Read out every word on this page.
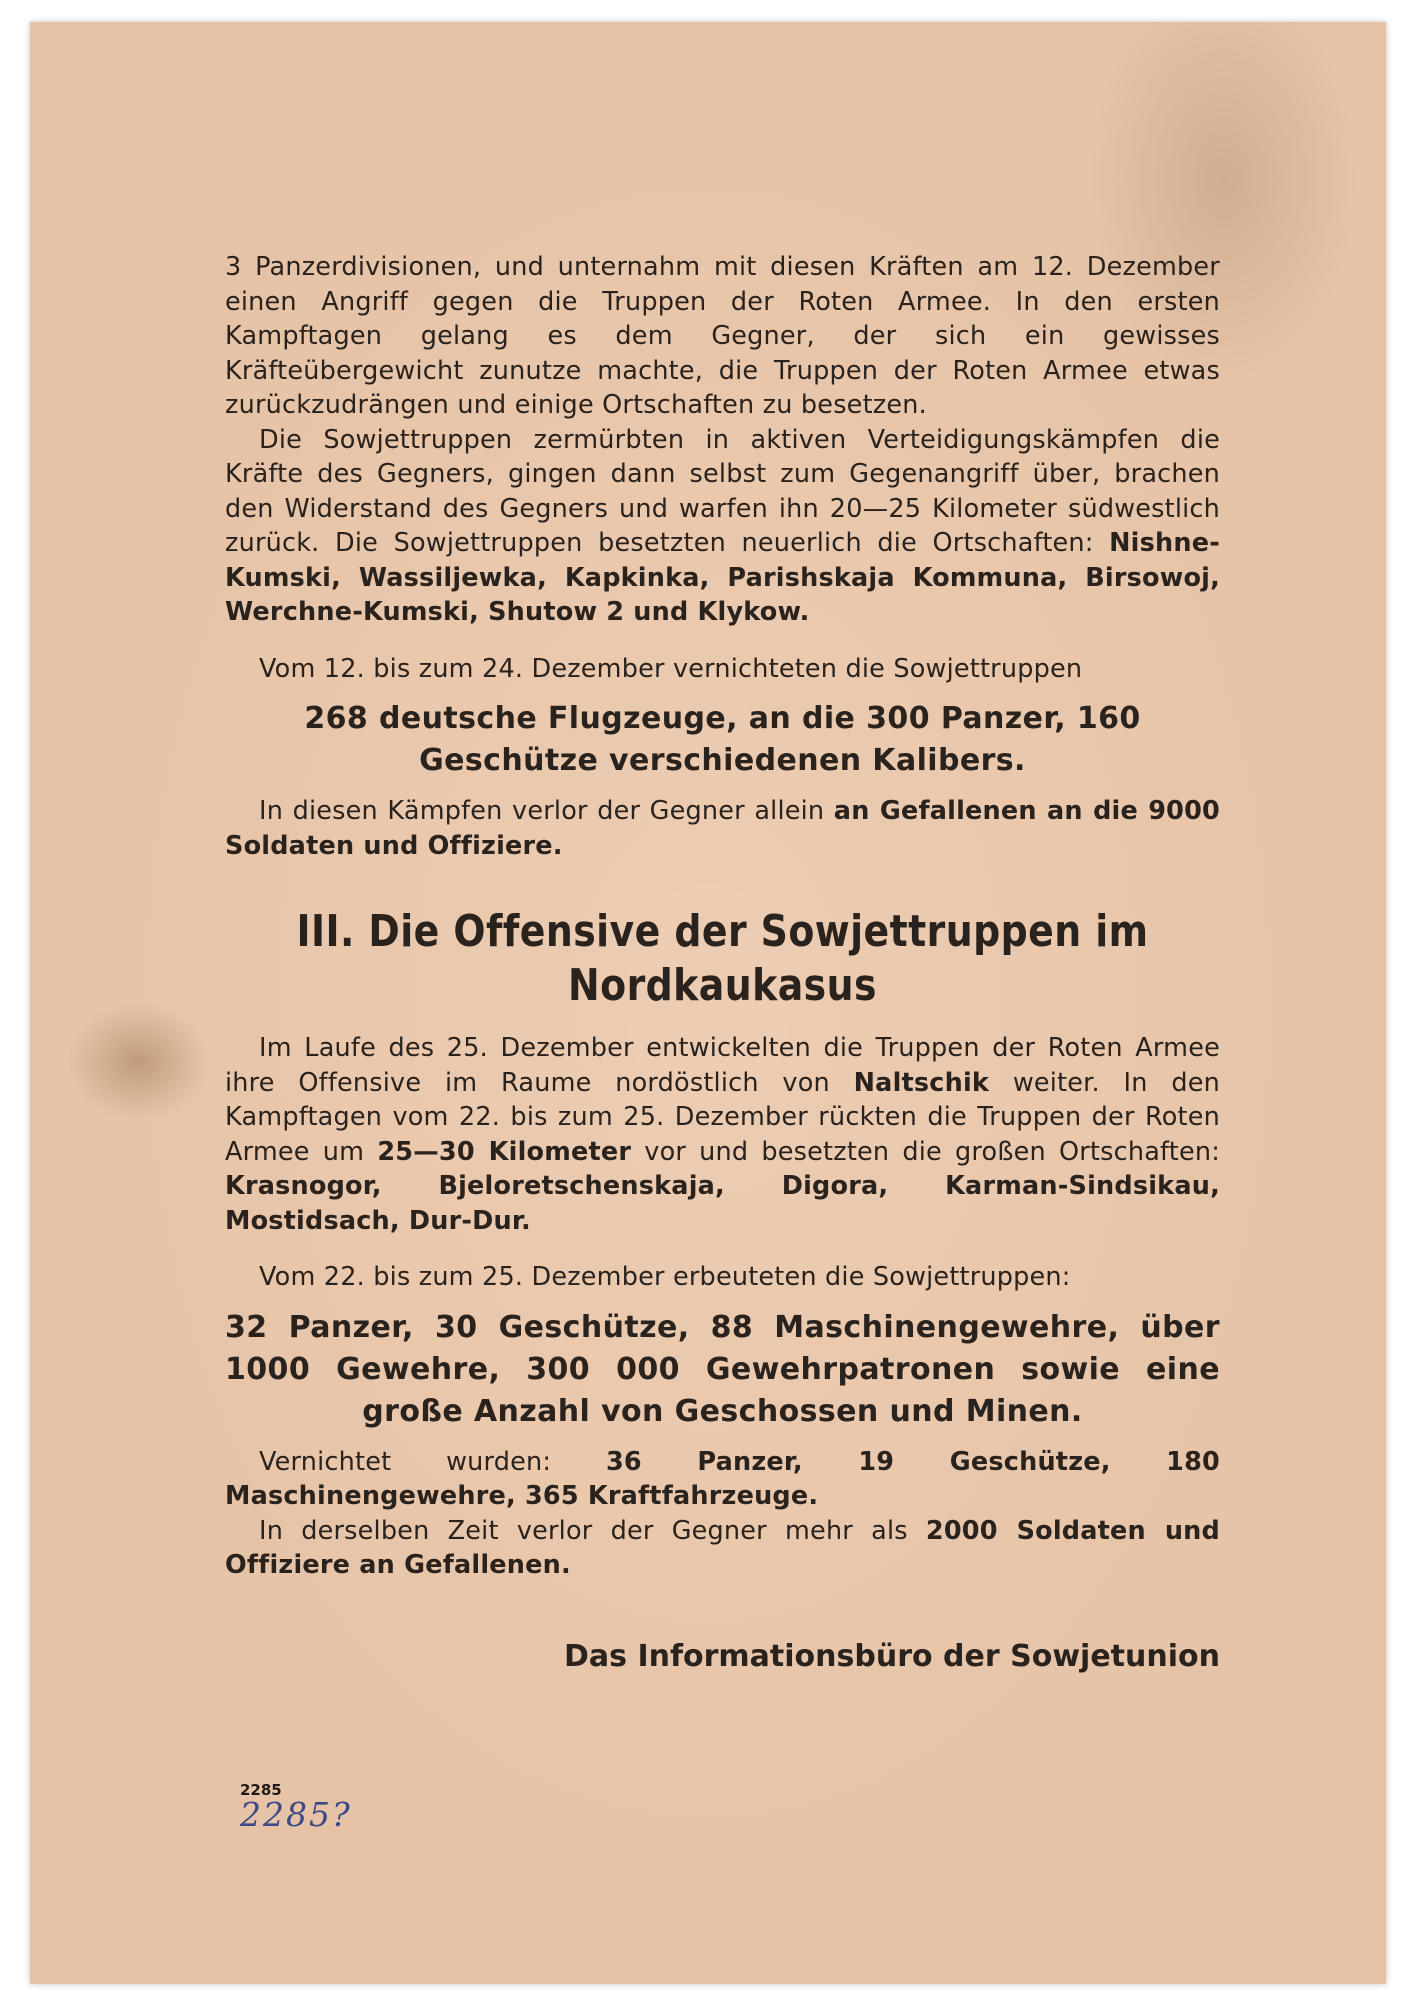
3 Panzerdivisionen, und unternahm mit diesen Kräften am 12. Dezember einen Angriff gegen die Truppen der Roten Armee. In den ersten Kampftagen gelang es dem Gegner, der sich ein gewisses Kräfteübergewicht zunutze machte, die Truppen der Roten Armee etwas zurückzudrängen und einige Ortschaften zu besetzen.

Die Sowjettruppen zermürbten in aktiven Verteidigungskämpfen die Kräfte des Gegners, gingen dann selbst zum Gegenangriff über, brachen den Widerstand des Gegners und warfen ihn 20—25 Kilometer südwestlich zurück. Die Sowjettruppen besetzten neuerlich die Ortschaften: Nishne-Kumski, Wassiljewka, Kapkinka, Parishskaja Kommuna, Birsowoj, Werchne-Kumski, Shutow 2 und Klykow.

Vom 12. bis zum 24. Dezember vernichteten die Sowjettruppen

268 deutsche Flugzeuge, an die 300 Panzer, 160 Geschütze verschiedenen Kalibers.

In diesen Kämpfen verlor der Gegner allein an Gefallenen an die 9000 Soldaten und Offiziere.

III. Die Offensive der Sowjettruppen im Nordkaukasus

Im Laufe des 25. Dezember entwickelten die Truppen der Roten Armee ihre Offensive im Raume nordöstlich von Naltschik weiter. In den Kampftagen vom 22. bis zum 25. Dezember rückten die Truppen der Roten Armee um 25—30 Kilometer vor und besetzten die großen Ortschaften: Krasnogor, Bjeloretschenskaja, Digora, Karman-Sindsikau, Mostidsach, Dur-Dur.

Vom 22. bis zum 25. Dezember erbeuteten die Sowjettruppen:

32 Panzer, 30 Geschütze, 88 Maschinengewehre, über 1000 Gewehre, 300 000 Gewehrpatronen sowie eine große Anzahl von Geschossen und Minen.

Vernichtet wurden: 36 Panzer, 19 Geschütze, 180 Maschinengewehre, 365 Kraftfahrzeuge.

In derselben Zeit verlor der Gegner mehr als 2000 Soldaten und Offiziere an Gefallenen.

Das Informationsbüro der Sowjetunion
2285
2285?
